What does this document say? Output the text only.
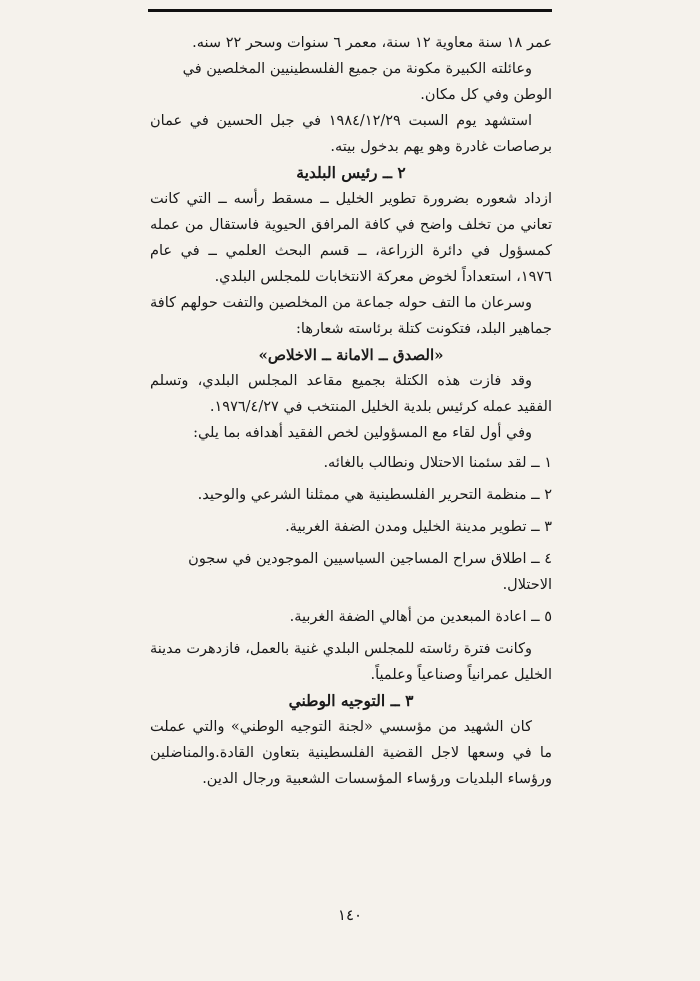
عمر ١٨ سنة معاوية ١٢ سنة، معمر ٦ سنوات وسحر ٢٢ سنه.

وعائلته الكبيرة مكونة من جميع الفلسطينيين المخلصين في الوطن وفي كل مكان.

استشهد يوم السبت ١٩٨٤/١٢/٢٩ في جبل الحسين في عمان برصاصات غادرة وهو يهم بدخول بيته.

٢ ــ رئيس البلدية

ازداد شعوره بضرورة تطوير الخليل ــ مسقط رأسه ــ التي كانت تعاني من تخلف واضح في كافة المرافق الحيوية فاستقال من عمله كمسؤول في دائرة الزراعة، ــ قسم البحث العلمي ــ في عام ١٩٧٦، استعداداً لخوض معركة الانتخابات للمجلس البلدي.

وسرعان ما التف حوله جماعة من المخلصين والتفت حولهم كافة جماهير البلد، فتكونت كتلة برئاسته شعارها:

«الصدق ــ الامانة ــ الاخلاص»

وقد فازت هذه الكتلة بجميع مقاعد المجلس البلدي، وتسلم الفقيد عمله كرئيس بلدية الخليل المنتخب في ١٩٧٦/٤/٢٧.

وفي أول لقاء مع المسؤولين لخص الفقيد أهدافه بما يلي:

١ ــ لقد سئمنا الاحتلال ونطالب بالغائه.
٢ ــ منظمة التحرير الفلسطينية هي ممثلنا الشرعي والوحيد.
٣ ــ تطوير مدينة الخليل ومدن الضفة الغربية.
٤ ــ اطلاق سراح المساجين السياسيين الموجودين في سجون الاحتلال.
٥ ــ اعادة المبعدين من أهالي الضفة الغربية.

وكانت فترة رئاسته للمجلس البلدي غنية بالعمل، فازدهرت مدينة الخليل عمرانياً وصناعياً وعلمياً.

٣ ــ التوجيه الوطني

كان الشهيد من مؤسسي «لجنة التوجيه الوطني» والتي عملت ما في وسعها لاجل القضية الفلسطينية بتعاون القادة.والمناضلين ورؤساء البلديات ورؤساء المؤسسات الشعبية ورجال الدين.

١٤٠
